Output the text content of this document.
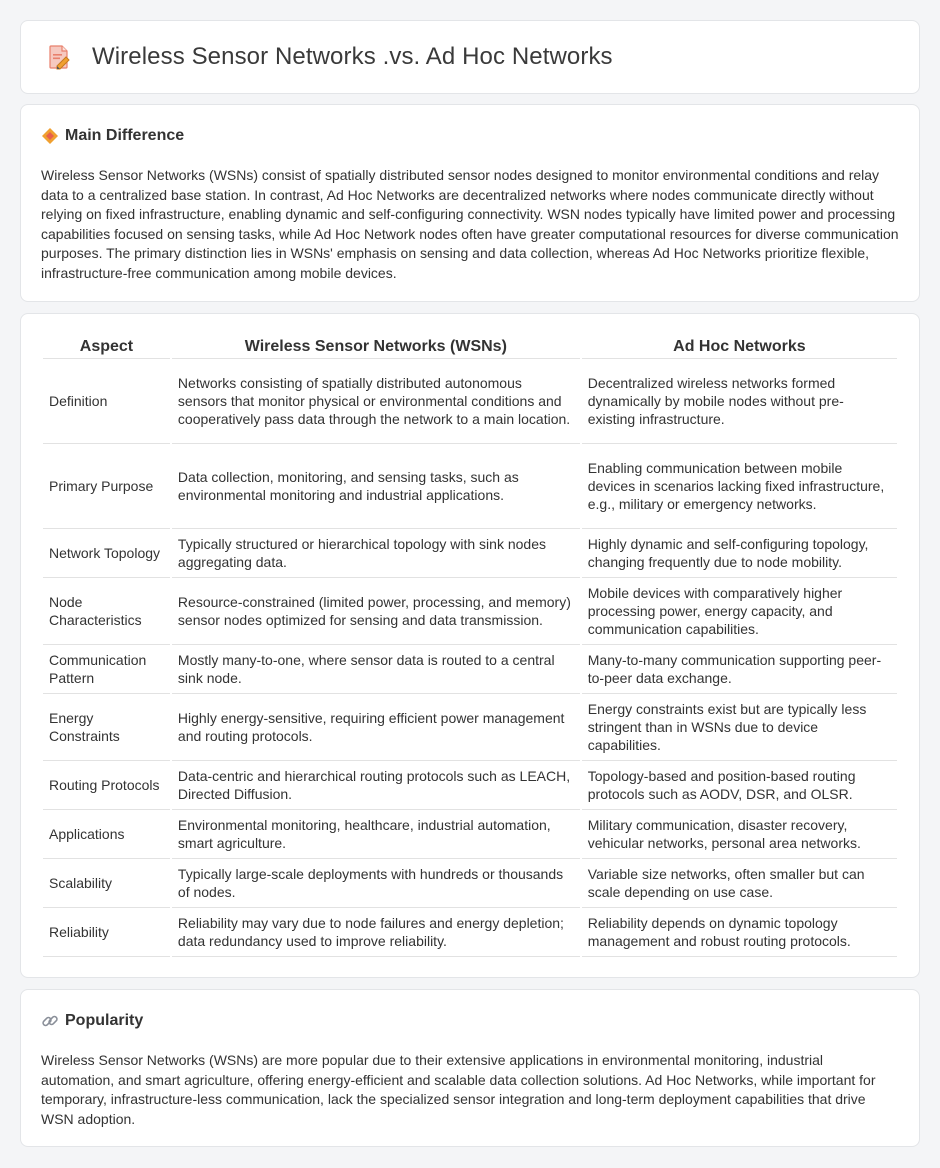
Wireless Sensor Networks .vs. Ad Hoc Networks
Main Difference

Wireless Sensor Networks (WSNs) consist of spatially distributed sensor nodes designed to monitor environmental conditions and relay data to a centralized base station. In contrast, Ad Hoc Networks are decentralized networks where nodes communicate directly without relying on fixed infrastructure, enabling dynamic and self-configuring connectivity. WSN nodes typically have limited power and processing capabilities focused on sensing tasks, while Ad Hoc Network nodes often have greater computational resources for diverse communication purposes. The primary distinction lies in WSNs' emphasis on sensing and data collection, whereas Ad Hoc Networks prioritize flexible, infrastructure-free communication among mobile devices.

Aspect	Wireless Sensor Networks (WSNs)	Ad Hoc Networks
Definition	Networks consisting of spatially distributed autonomous sensors that monitor physical or environmental conditions and cooperatively pass data through the network to a main location.	Decentralized wireless networks formed dynamically by mobile nodes without pre-existing infrastructure.
Primary Purpose	Data collection, monitoring, and sensing tasks, such as environmental monitoring and industrial applications.	Enabling communication between mobile devices in scenarios lacking fixed infrastructure, e.g., military or emergency networks.
Network Topology	Typically structured or hierarchical topology with sink nodes aggregating data.	Highly dynamic and self-configuring topology, changing frequently due to node mobility.
Node Characteristics	Resource-constrained (limited power, processing, and memory) sensor nodes optimized for sensing and data transmission.	Mobile devices with comparatively higher processing power, energy capacity, and communication capabilities.
Communication Pattern	Mostly many-to-one, where sensor data is routed to a central sink node.	Many-to-many communication supporting peer-to-peer data exchange.
Energy Constraints	Highly energy-sensitive, requiring efficient power management and routing protocols.	Energy constraints exist but are typically less stringent than in WSNs due to device capabilities.
Routing Protocols	Data-centric and hierarchical routing protocols such as LEACH, Directed Diffusion.	Topology-based and position-based routing protocols such as AODV, DSR, and OLSR.
Applications	Environmental monitoring, healthcare, industrial automation, smart agriculture.	Military communication, disaster recovery, vehicular networks, personal area networks.
Scalability	Typically large-scale deployments with hundreds or thousands of nodes.	Variable size networks, often smaller but can scale depending on use case.
Reliability	Reliability may vary due to node failures and energy depletion; data redundancy used to improve reliability.	Reliability depends on dynamic topology management and robust routing protocols.
Popularity

Wireless Sensor Networks (WSNs) are more popular due to their extensive applications in environmental monitoring, industrial automation, and smart agriculture, offering energy-efficient and scalable data collection solutions. Ad Hoc Networks, while important for temporary, infrastructure-less communication, lack the specialized sensor integration and long-term deployment capabilities that drive WSN adoption.
